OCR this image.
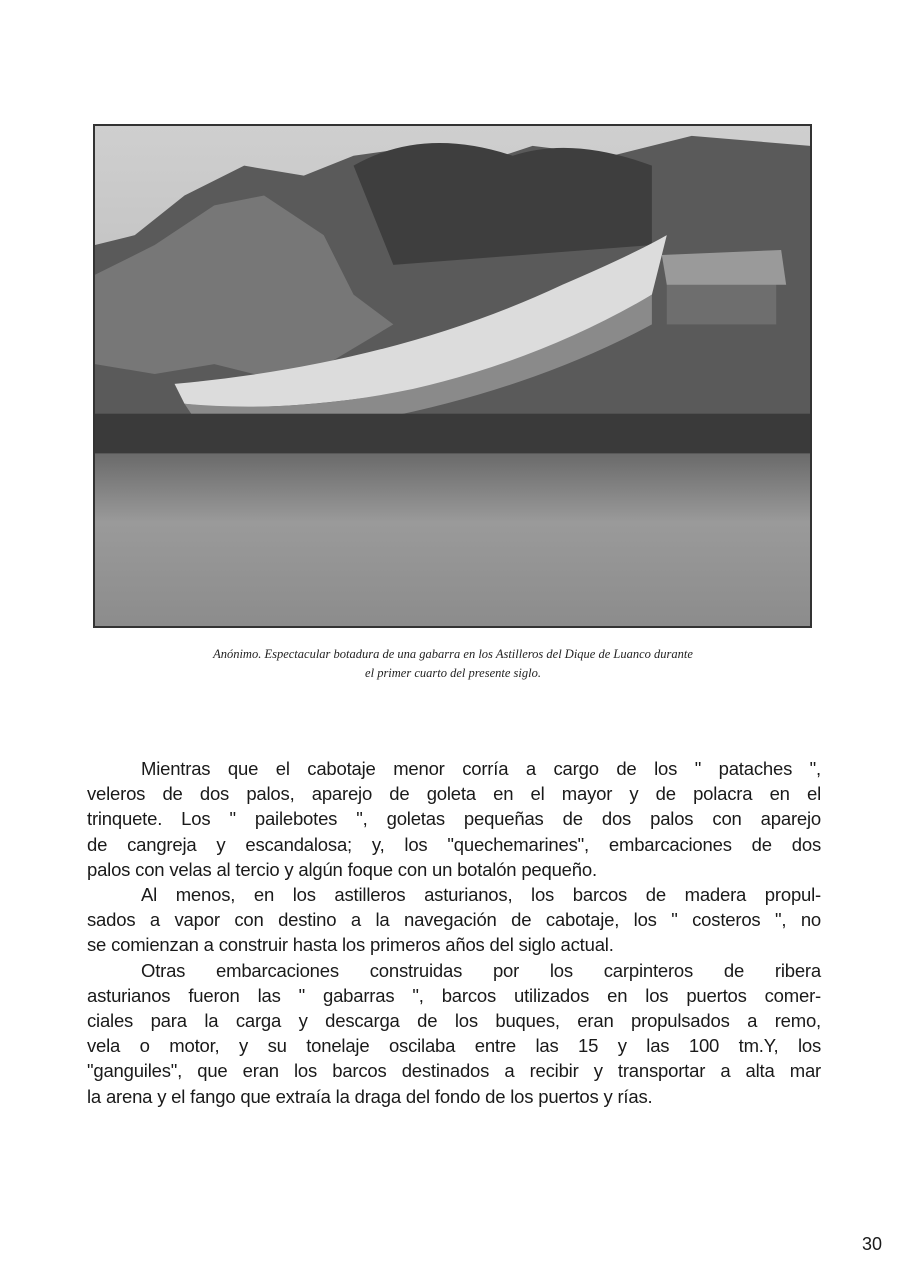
Anónimo. Espectacular botadura de una gabarra en los Astilleros del Dique de Luanco durante
el primer cuarto del presente siglo.
Mientras que el cabotaje menor corría a cargo de los " pataches ",
veleros de dos palos, aparejo de goleta en el mayor y de polacra en el
trinquete. Los " pailebotes ", goletas pequeñas de dos palos con aparejo
de cangreja y escandalosa; y, los "quechemarines", embarcaciones de dos
palos con velas al tercio y algún foque con un botalón pequeño.
Al menos, en los astilleros asturianos, los barcos de madera propul-
sados a vapor con destino a la navegación de cabotaje, los " costeros ", no
se comienzan a construir hasta los primeros años del siglo actual.
Otras embarcaciones construidas por los carpinteros de ribera
asturianos fueron las " gabarras ", barcos utilizados en los puertos comer-
ciales para la carga y descarga de los buques, eran propulsados a remo,
vela o motor, y su tonelaje oscilaba entre las 15 y las 100 tm.Y, los
"ganguiles", que eran los barcos destinados a recibir y transportar a alta mar
la arena y el fango que extraía la draga del fondo de los puertos y rías.
30
